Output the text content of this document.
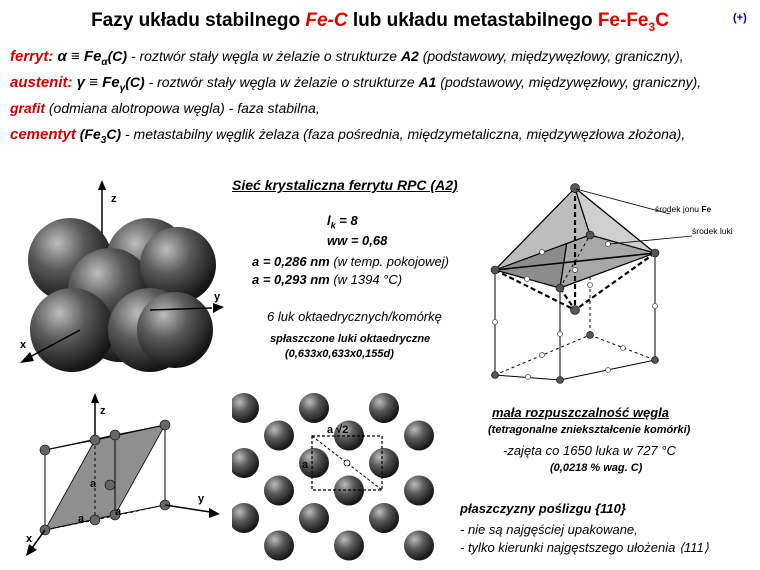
Fazy układu stabilnego Fe-C lub układu metastabilnego $Fe-Fe_3C$	(+)
ferryt: $\alpha \equiv Fe_\alpha(C)$ - roztwór stały węgla w żelazie o strukturze A2 (podstawowy, międzywęzłowy, graniczny),
austenit: $\gamma \equiv Fe_\gamma(C)$ - roztwór stały węgla w żelazie o strukturze A1 (podstawowy, międzywęzłowy, graniczny),
grafit (odmiana alotropowa węgla) - faza stabilna,
cementyt $(Fe_3C)$ - metastabilny węglik żelaza (faza pośrednia, międzymetaliczna, międzywęzłowa złożona),
Sieć krystaliczna ferrytu RPC (A2)
$l_k = 8$
ww = 0,68
a = 0,286 nm (w temp. pokojowej)
a = 0,293 nm (w 1394 °C)
6 luk oktaedrycznych/komórkę
spłaszczone luki oktaedryczne
(0,633x0,633x0,155d)
mała rozpuszczalność węgla
(tetragonalne zniekształcenie komórki)
-zajęta co 1650 luka w 727 °C
(0,0218 % wag. C)
płaszczyzny poślizgu {110}
- nie są najgęściej upakowane,
- tylko kierunki najgęstszego ułożenia ⟨111⟩
z
y
x
środek jonu Fe
środek luki
z
y
x
a
a
a
a √2
a
